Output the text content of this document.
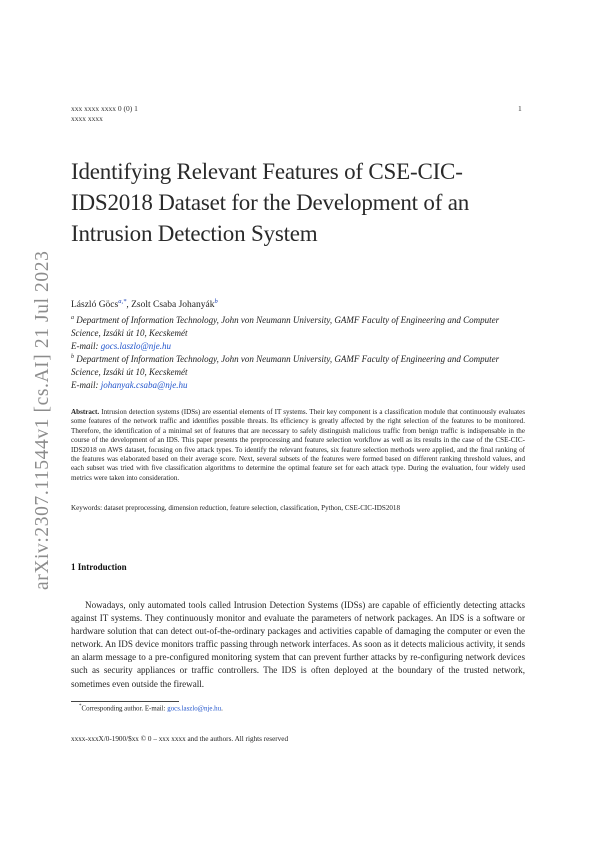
xxx xxxx xxxx 0 (0) 1
xxxx xxxx
1
arXiv:2307.11544v1 [cs.AI] 21 Jul 2023
Identifying Relevant Features of CSE-CIC-IDS2018 Dataset for the Development of an Intrusion Detection System
László Göcs$^{a,*}$, Zsolt Csaba Johanyák$^b$
$^a$ Department of Information Technology, John von Neumann University, GAMF Faculty of Engineering and Computer Science, Izsáki út 10, Kecskemét
E-mail: gocs.laszlo@nje.hu
$^b$ Department of Information Technology, John von Neumann University, GAMF Faculty of Engineering and Computer Science, Izsáki út 10, Kecskemét
E-mail: johanyak.csaba@nje.hu
Abstract. Intrusion detection systems (IDSs) are essential elements of IT systems. Their key component is a classification module that continuously evaluates some features of the network traffic and identifies possible threats. Its efficiency is greatly affected by the right selection of the features to be monitored. Therefore, the identification of a minimal set of features that are necessary to safely distinguish malicious traffic from benign traffic is indispensable in the course of the development of an IDS. This paper presents the preprocessing and feature selection workflow as well as its results in the case of the CSE-CIC-IDS2018 on AWS dataset, focusing on five attack types. To identify the relevant features, six feature selection methods were applied, and the final ranking of the features was elaborated based on their average score. Next, several subsets of the features were formed based on different ranking threshold values, and each subset was tried with five classification algorithms to determine the optimal feature set for each attack type. During the evaluation, four widely used metrics were taken into consideration.
Keywords: dataset preprocessing, dimension reduction, feature selection, classification, Python, CSE-CIC-IDS2018
1 Introduction
Nowadays, only automated tools called Intrusion Detection Systems (IDSs) are capable of efficiently detecting attacks against IT systems. They continuously monitor and evaluate the parameters of network packages. An IDS is a software or hardware solution that can detect out-of-the-ordinary packages and activities capable of damaging the computer or even the network. An IDS device monitors traffic passing through network interfaces. As soon as it detects malicious activity, it sends an alarm message to a pre-configured monitoring system that can prevent further attacks by re-configuring network devices such as security appliances or traffic controllers. The IDS is often deployed at the boundary of the trusted network, sometimes even outside the firewall.
*Corresponding author. E-mail: gocs.laszlo@nje.hu.
xxxx-xxxX/0-1900/$xx © 0 – xxx xxxx and the authors. All rights reserved
